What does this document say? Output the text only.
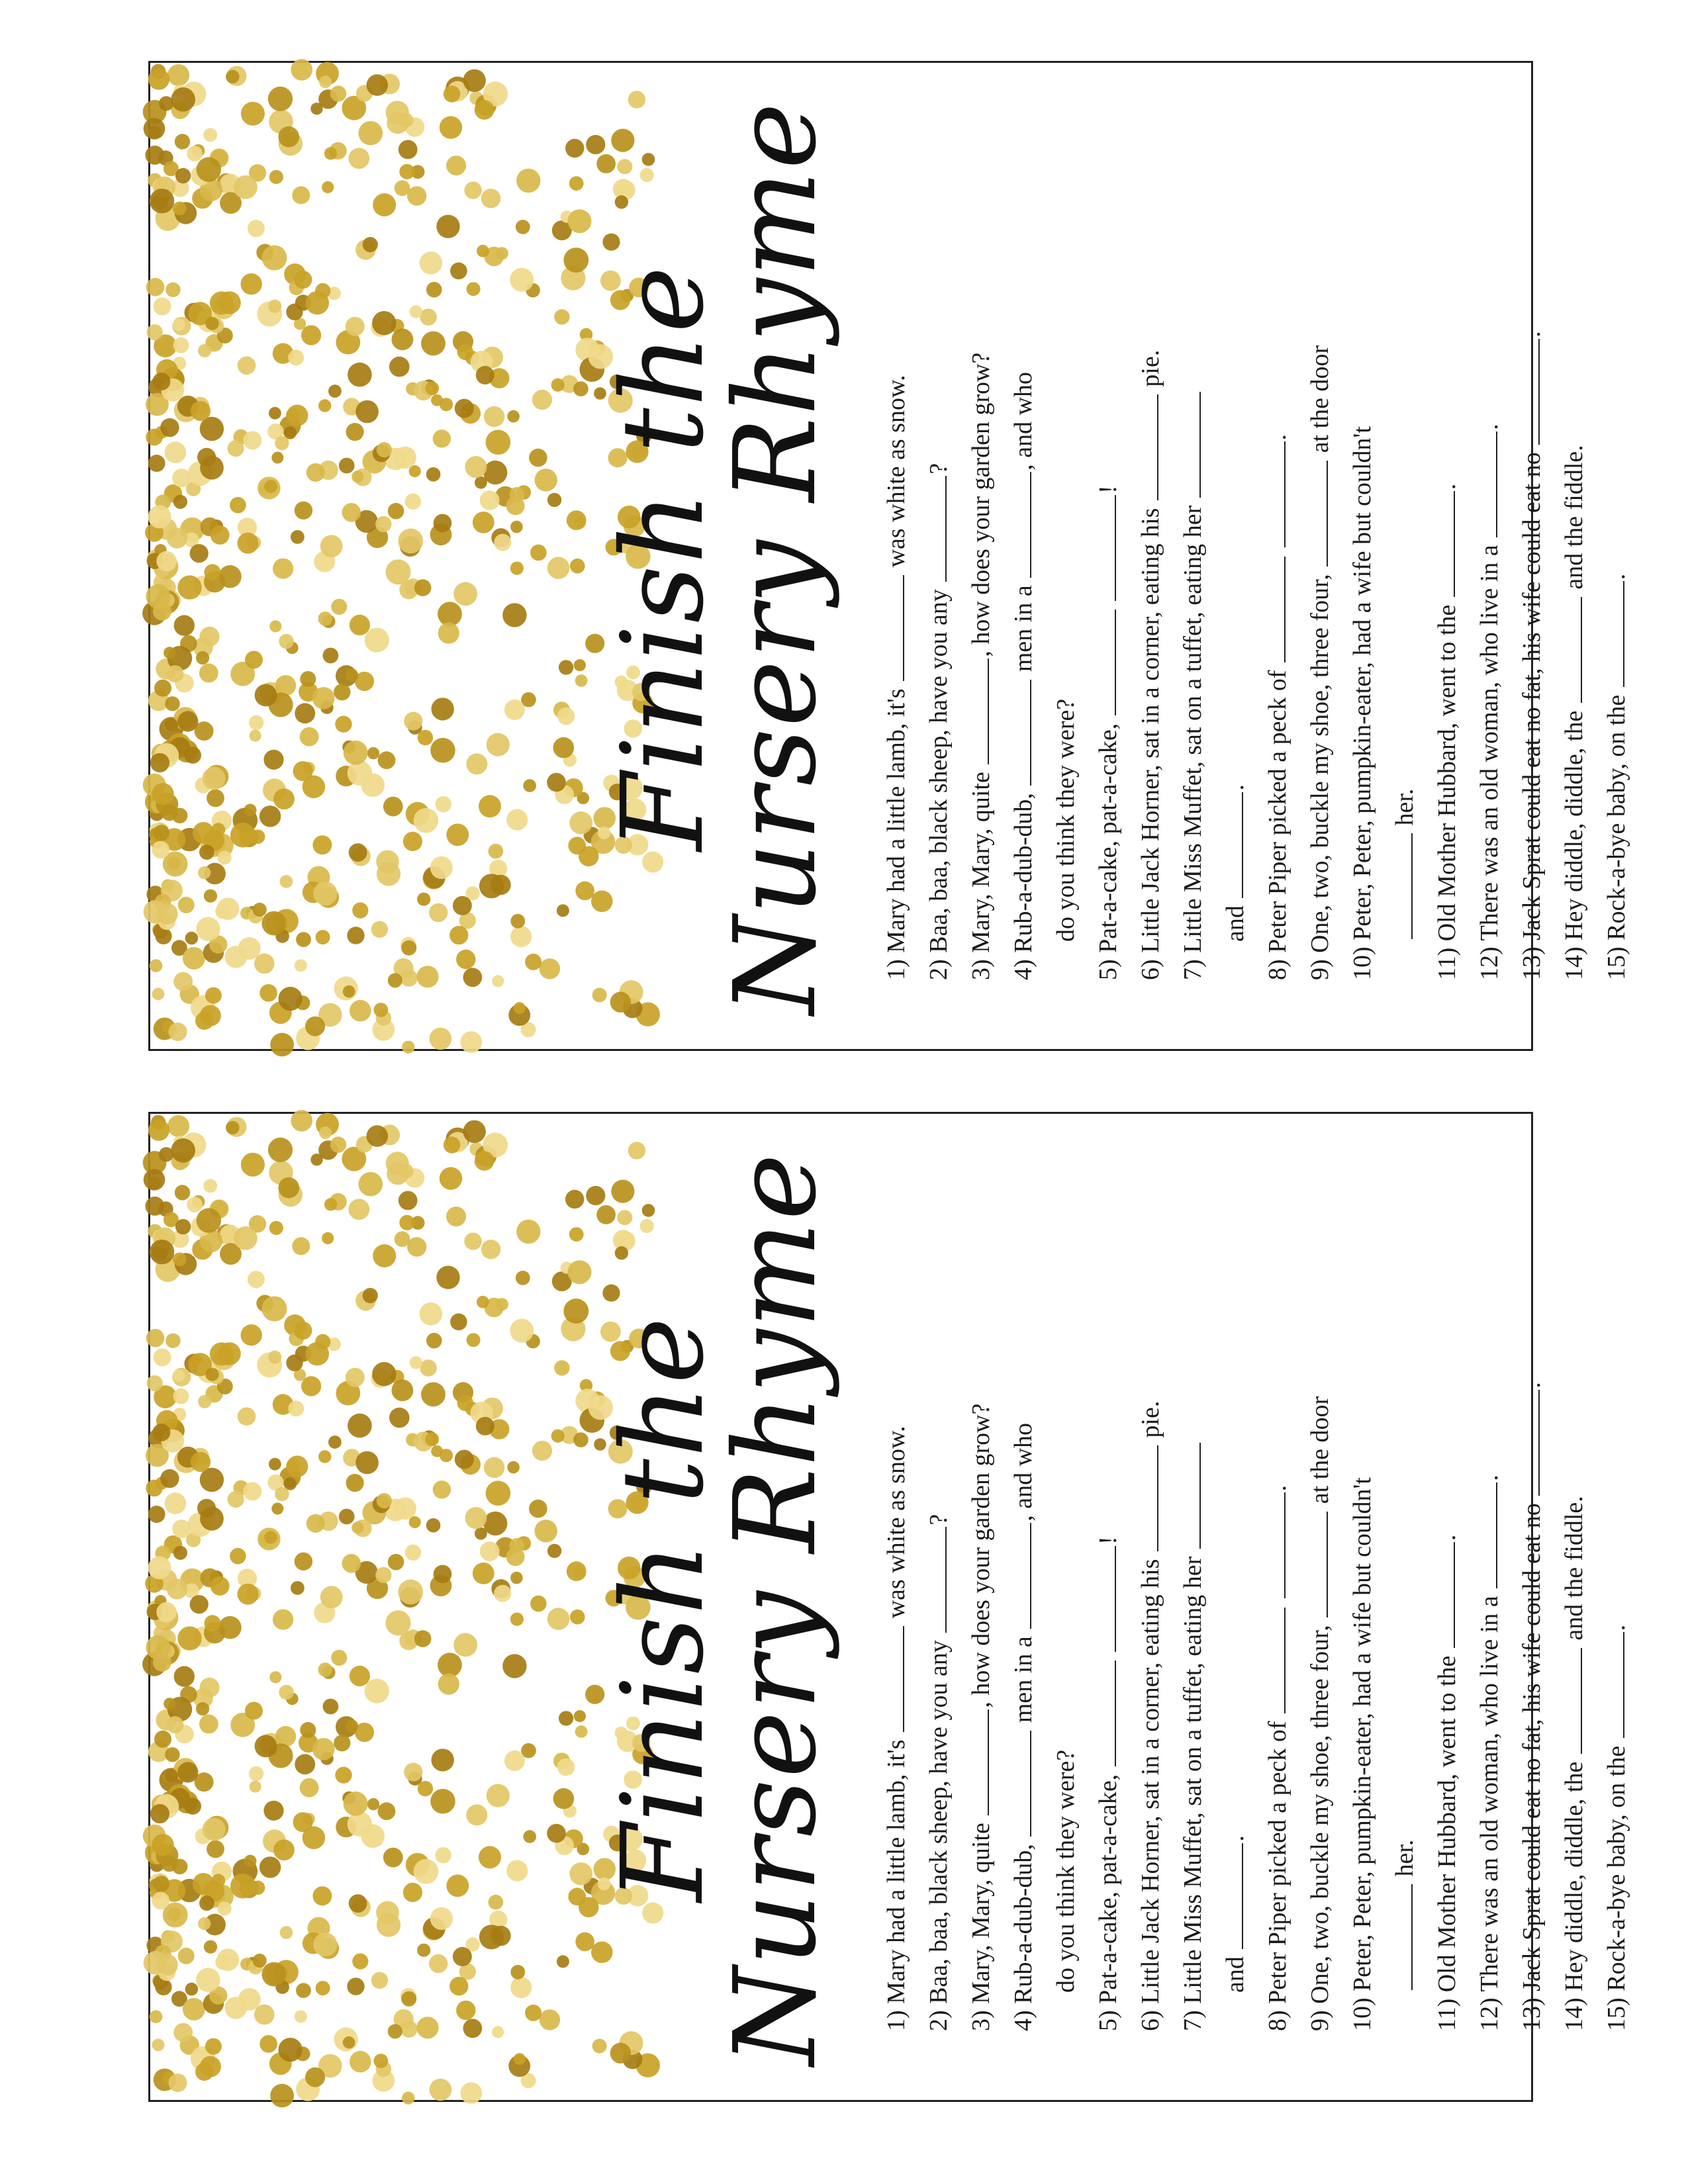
Finish the
Nursery Rhyme 1) Mary had a little lamb, it's  was white as snow.
2) Baa, baa, black sheep, have you any ?
3) Mary, Mary, quite , how does your garden grow?
4) Rub-a-dub-dub,  men in a , and who
do you think they were? 5) Pat-a-cake, pat-a-cake,  !
6) Little Jack Horner, sat in a corner, eating his  pie.
7) Little Miss Muffet, sat on a tuffet, eating her and . 8) Peter Piper picked a peck of  .
9) One, two, buckle my shoe, three four,  at the door
10) Peter, Peter, pumpkin-eater, had a wife but couldn't her. 11) Old Mother Hubbard, went to the .
12) There was an old woman, who live in a .
13) Jack Sprat could eat no fat, his wife could eat no .
14) Hey diddle, diddle, the  and the fiddle.
15) Rock-a-bye baby, on the .
Finish the
Nursery Rhyme 1) Mary had a little lamb, it's  was white as snow.
2) Baa, baa, black sheep, have you any ?
3) Mary, Mary, quite , how does your garden grow?
4) Rub-a-dub-dub,  men in a , and who
do you think they were? 5) Pat-a-cake, pat-a-cake,  !
6) Little Jack Horner, sat in a corner, eating his  pie.
7) Little Miss Muffet, sat on a tuffet, eating her and . 8) Peter Piper picked a peck of  .
9) One, two, buckle my shoe, three four,  at the door
10) Peter, Peter, pumpkin-eater, had a wife but couldn't her. 11) Old Mother Hubbard, went to the .
12) There was an old woman, who live in a .
13) Jack Sprat could eat no fat, his wife could eat no .
14) Hey diddle, diddle, the  and the fiddle.
15) Rock-a-bye baby, on the .
